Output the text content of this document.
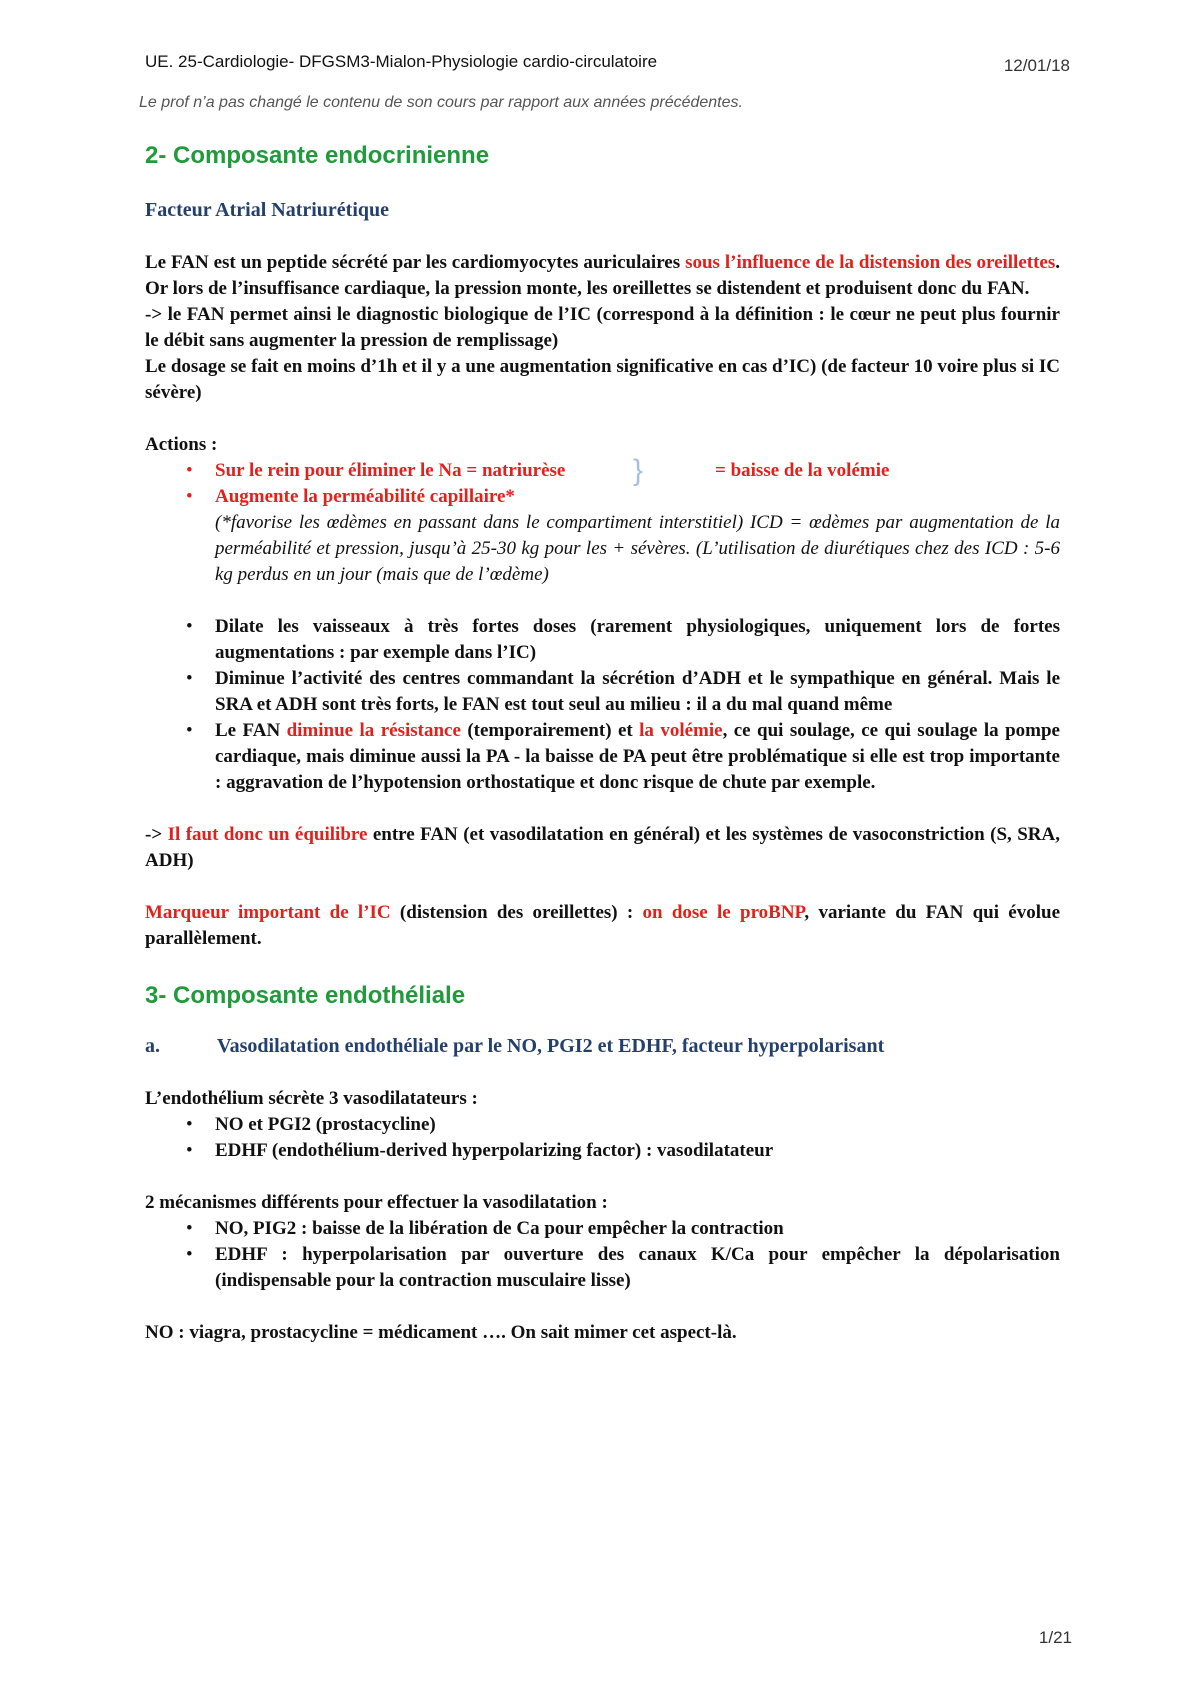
UE. 25-Cardiologie- DFGSM3-Mialon-Physiologie cardio-circulatoire	12/01/18
Le prof n’a pas changé le contenu de son cours par rapport aux années précédentes.
2- Composante endocrinienne
Facteur Atrial Natriurétique

Le FAN est un peptide sécrété par les cardiomyocytes auriculaires sous l’influence de la distension des oreillettes. Or lors de l’insuffisance cardiaque, la pression monte, les oreillettes se distendent et produisent donc du FAN.

-> le FAN permet ainsi le diagnostic biologique de l’IC (correspond à la définition : le cœur ne peut plus fournir le débit sans augmenter la pression de remplissage)

Le dosage se fait en moins d’1h et il y a une augmentation significative en cas d’IC) (de facteur 10 voire plus si IC sévère)

Actions :

• Sur le rein pour éliminer le Na = natriurèse }	= baisse de la volémie
• Augmente la perméabilité capillaire*

(*favorise les œdèmes en passant dans le compartiment interstitiel) ICD = œdèmes par augmentation de la perméabilité et pression, jusqu’à 25-30 kg pour les + sévères. (L’utilisation de diurétiques chez des ICD : 5-6 kg perdus en un jour (mais que de l’œdème)

• Dilate les vaisseaux à très fortes doses (rarement physiologiques, uniquement lors de fortes augmentations : par exemple dans l’IC)
• Diminue l’activité des centres commandant la sécrétion d’ADH et le sympathique en général. Mais le SRA et ADH sont très forts, le FAN est tout seul au milieu : il a du mal quand même
• Le FAN diminue la résistance (temporairement) et la volémie, ce qui soulage, ce qui soulage la pompe cardiaque, mais diminue aussi la PA - la baisse de PA peut être problématique si elle est trop importante : aggravation de l’hypotension orthostatique et donc risque de chute par exemple.

-> Il faut donc un équilibre entre FAN (et vasodilatation en général) et les systèmes de vasoconstriction (S, SRA, ADH)

Marqueur important de l’IC (distension des oreillettes) : on dose le proBNP, variante du FAN qui évolue parallèlement.

3- Composante endothéliale
a.	Vasodilatation endothéliale par le NO, PGI2 et EDHF, facteur hyperpolarisant

L’endothélium sécrète 3 vasodilatateurs :

• NO et PGI2 (prostacycline)
• EDHF (endothélium-derived hyperpolarizing factor) : vasodilatateur

2 mécanismes différents pour effectuer la vasodilatation :

• NO, PIG2 : baisse de la libération de Ca pour empêcher la contraction
• EDHF : hyperpolarisation par ouverture des canaux K/Ca pour empêcher la dépolarisation (indispensable pour la contraction musculaire lisse)

NO : viagra, prostacycline = médicament …. On sait mimer cet aspect-là.

1/21
